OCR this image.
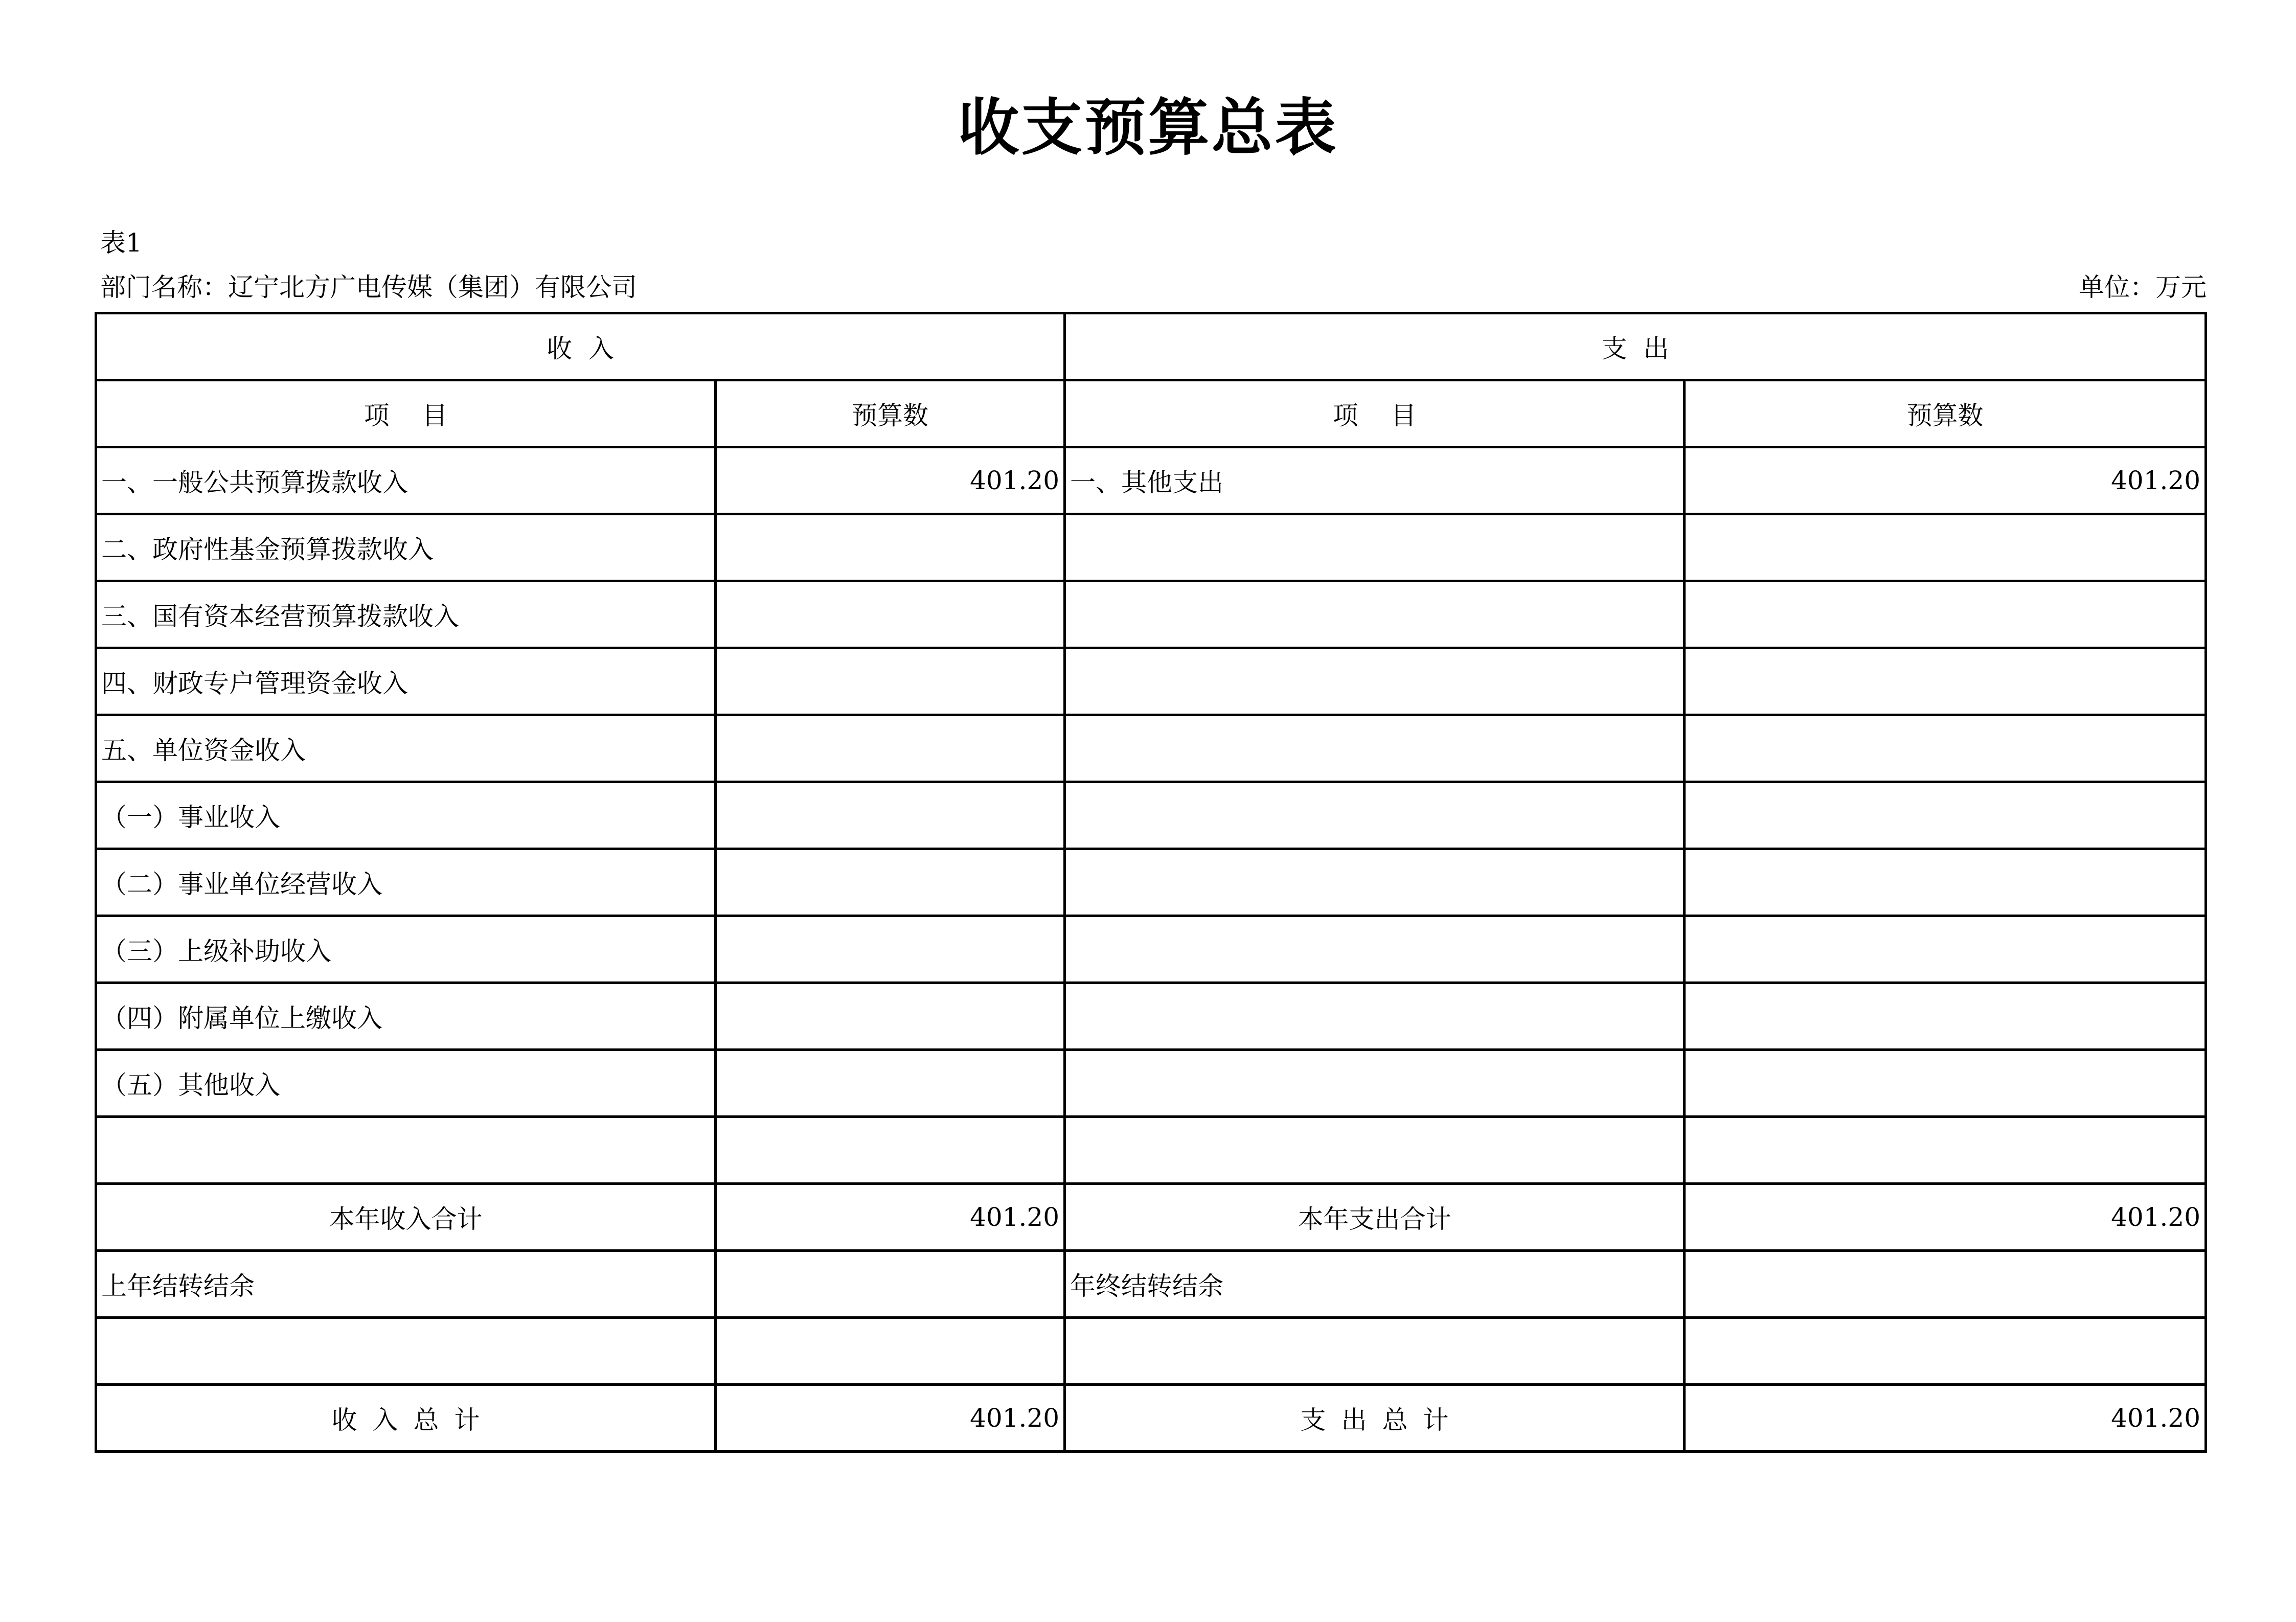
收支预算总表
表1
部门名称：辽宁北方广电传媒（集团）有限公司	单位：万元
收  入		支  出	
项    目	预算数	项    目	预算数
一、一般公共预算拨款收入	401.20	一、其他支出	401.20
二、政府性基金预算拨款收入			
三、国有资本经营预算拨款收入			
四、财政专户管理资金收入			
五、单位资金收入			
（一）事业收入			
（二）事业单位经营收入			
（三）上级补助收入			
（四）附属单位上缴收入			
（五）其他收入			

本年收入合计	401.20	本年支出合计	401.20
上年结转结余		年终结转结余	

收入总计	401.20	支出总计	401.20
